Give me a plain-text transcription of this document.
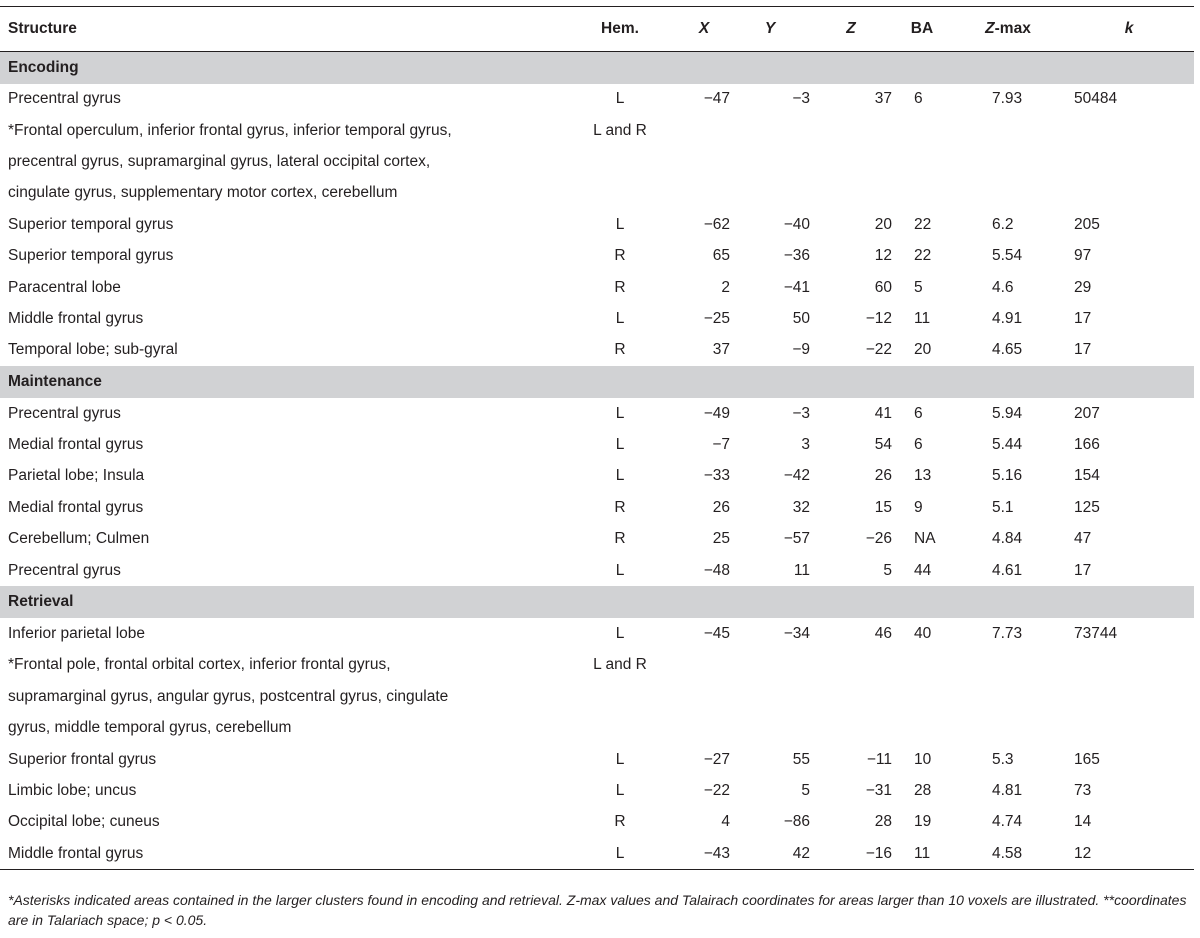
Structure	Hem.	X	Y	Z	BA	Z-max	k
Encoding							
Precentral gyrus	L	−47	−3	37	6	7.93	50484
*Frontal operculum, inferior frontal gyrus, inferior temporal gyrus,	L and R						
precentral gyrus, supramarginal gyrus, lateral occipital cortex,							
cingulate gyrus, supplementary motor cortex, cerebellum							
Superior temporal gyrus	L	−62	−40	20	22	6.2	205
Superior temporal gyrus	R	65	−36	12	22	5.54	97
Paracentral lobe	R	2	−41	60	5	4.6	29
Middle frontal gyrus	L	−25	50	−12	11	4.91	17
Temporal lobe; sub-gyral	R	37	−9	−22	20	4.65	17
Maintenance							
Precentral gyrus	L	−49	−3	41	6	5.94	207
Medial frontal gyrus	L	−7	3	54	6	5.44	166
Parietal lobe; Insula	L	−33	−42	26	13	5.16	154
Medial frontal gyrus	R	26	32	15	9	5.1	125
Cerebellum; Culmen	R	25	−57	−26	NA	4.84	47
Precentral gyrus	L	−48	11	5	44	4.61	17
Retrieval							
Inferior parietal lobe	L	−45	−34	46	40	7.73	73744
*Frontal pole, frontal orbital cortex, inferior frontal gyrus,	L and R						
supramarginal gyrus, angular gyrus, postcentral gyrus, cingulate							
gyrus, middle temporal gyrus, cerebellum							
Superior frontal gyrus	L	−27	55	−11	10	5.3	165
Limbic lobe; uncus	L	−22	5	−31	28	4.81	73
Occipital lobe; cuneus	R	4	−86	28	19	4.74	14
Middle frontal gyrus	L	−43	42	−16	11	4.58	12
*Asterisks indicated areas contained in the larger clusters found in encoding and retrieval. Z-max values and Talairach coordinates for areas larger than 10 voxels are illustrated. **coordinates are in Talariach space; p < 0.05.
